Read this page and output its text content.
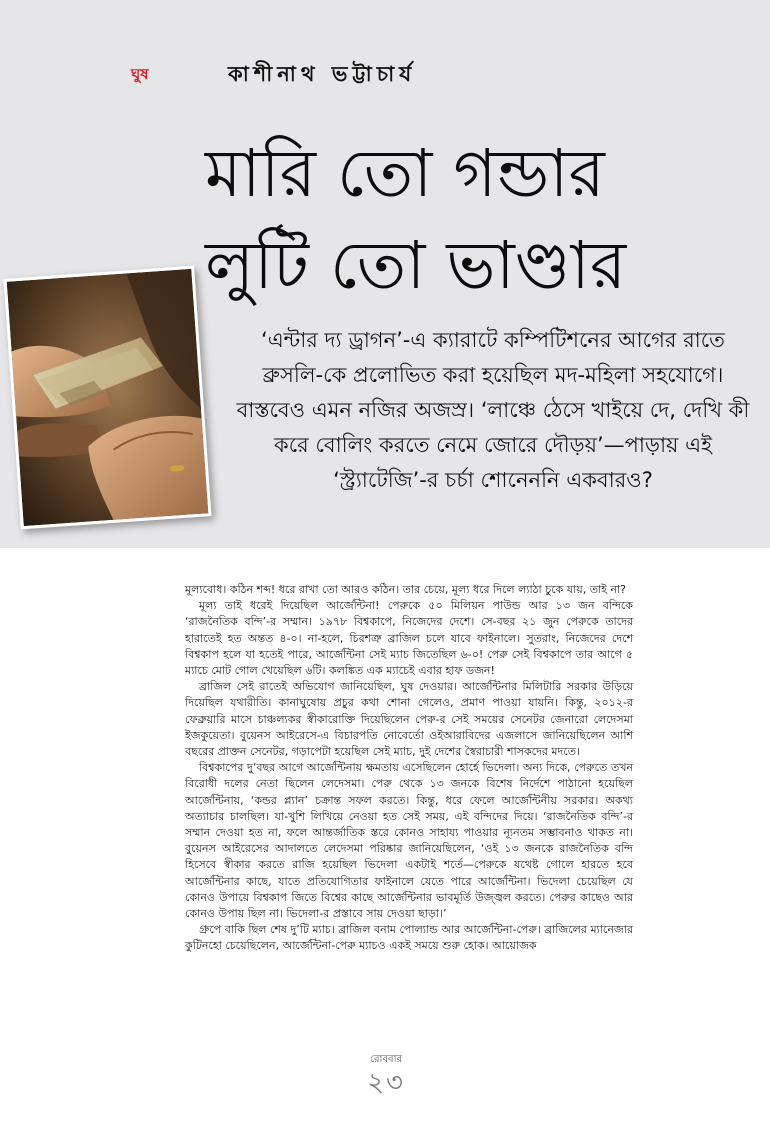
ঘুষ	কাশীনাথ ভট্টাচার্য
মারি তো গন্ডার
লুটি তো ভাণ্ডার
‘এন্টার দ্য ড্রাগন’-এ ক্যারাটে কম্পিটিশনের আগের রাতে ব্রুসলি-কে প্রলোভিত করা হয়েছিল মদ-মহিলা সহযোগে। বাস্তবেও এমন নজির অজস্র। ‘লাঞ্চে ঠেসে খাইয়ে দে, দেখি কী করে বোলিং করতে নেমে জোরে দৌড়য়’—পাড়ায় এই ‘স্ট্র্যাটেজি’-র চর্চা শোনেননি একবারও?

মূল্যবোধ। কঠিন শব্দ! ধরে রাখা তো আরও কঠিন। তার চেয়ে, মূল্য ধরে দিলে ল্যাঠা চুকে যায়, তাই না?

মূল্য তাই ধরেই দিয়েছিল আর্জেন্টিনা! পেরুকে ৫০ মিলিয়ন পাউন্ড আর ১৩ জন বন্দিকে ‘রাজনৈতিক বন্দি’-র সম্মান। ১৯৭৮ বিশ্বকাপে, নিজেদের দেশে। সে-বছর ২১ জুন পেরুকে তাদের হারাতেই হত অন্তত ৪-০। না-হলে, চিরশত্রু ব্রাজিল চলে যাবে ফাইনালে। সুতরাং, নিজেদের দেশে বিশ্বকাপ হলে যা হতেই পারে, আর্জেন্টিনা সেই ম্যাচ জিতেছিল ৬-০! পেরু সেই বিশ্বকাপে তার আগে ৫ ম্যাচে মোট গোল খেয়েছিল ৬টি। কলঙ্কিত এক ম্যাচেই এবার হাফ ডজন!

ব্রাজিল সেই রাতেই অভিযোগ জানিয়েছিল, ঘুষ দেওয়ার। আর্জেন্টিনার মিলিটারি সরকার উড়িয়ে দিয়েছিল যথারীতি। কানাঘুষোয় প্রচুর কথা শোনা গেলেও, প্রমাণ পাওয়া যায়নি। কিন্তু, ২০১২-র ফেব্রুয়ারি মাসে চাঞ্চল্যকর স্বীকারোক্তি দিয়েছিলেন পেরু-র সেই সময়ের সেনেটর জেনারো লেদেসমা ইজকুয়েতা। বুয়েনস আইরেসে-এ বিচারপতি নোবের্তো ওইআরাবিদের এজলাসে জানিয়েছিলেন আশি বছরের প্রাক্তন সেনেটর, গড়াপেটা হয়েছিল সেই ম্যাচ, দুই দেশের স্বৈরাচারী শাসকদের মদতে।

বিশ্বকাপের দু’বছর আগে আর্জেন্টিনায় ক্ষমতায় এসেছিলেন হোর্হে ভিদেলা। অন্য দিকে, পেরুতে তখন বিরোধী দলের নেতা ছিলেন লেদেসমা। পেরু থেকে ১৩ জনকে বিশেষ নির্দেশে পাঠানো হয়েছিল আর্জেন্টিনায়, ‘কন্ডর প্ল্যান’ চক্রান্ত সফল করতে। কিন্তু, ধরে ফেলে আর্জেন্টিনীয় সরকার। অকথ্য অত্যাচার চালছিল। যা-খুশি লিখিয়ে নেওয়া হত সেই সময়, এই বন্দিদের দিয়ে। ‘রাজনৈতিক বন্দি’-র সম্মান দেওয়া হত না, ফলে আন্তর্জাতিক স্তরে কোনও সাহায্য পাওয়ার ন্যূনতম সম্ভাবনাও থাকত না। বুয়েনস আইরেসের আদালতে লেদেসমা পরিষ্কার জানিয়েছিলেন, ‘ওই ১৩ জনকে রাজনৈতিক বন্দি হিসেবে স্বীকার করতে রাজি হয়েছিল ভিদেলা একটাই শর্তে—পেরুকে যথেষ্ট গোলে হারতে হবে আর্জেন্টিনার কাছে, যাতে প্রতিযোগিতার ফাইনালে যেতে পারে আর্জেন্টিনা। ভিদেলা চেয়েছিল যে কোনও উপায়ে বিশ্বকাপ জিতে বিশ্বের কাছে আর্জেন্টিনার ভাবমূর্তি উজ্জ্বল করতে। পেরুর কাছেও আর কোনও উপায় ছিল না। ভিদেলা-র প্রস্তাবে সায় দেওয়া ছাড়া।’

গ্রুপে বাকি ছিল শেষ দু’টি ম্যাচ। ব্রাজিল বনাম পোল্যান্ড আর আর্জেন্টিনা-পেরু। ব্রাজিলের ম্যানেজার কুটিনহো চেয়েছিলেন, আর্জেন্টিনা-পেরু ম্যাচও একই সময়ে শুরু হোক। আয়োজক

রোববার
২৩
